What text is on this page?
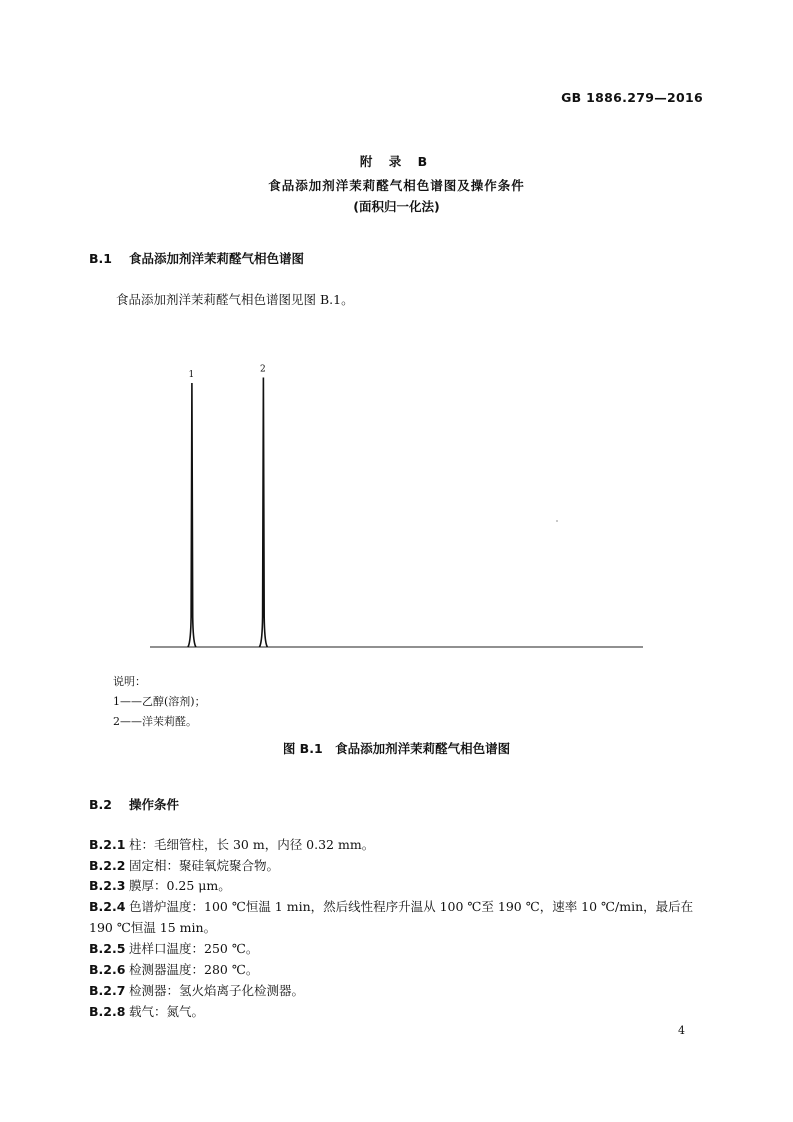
GB 1886.279—2016
附 录 B
食品添加剂洋茉莉醛气相色谱图及操作条件
(面积归一化法)
B.1 食品添加剂洋茉莉醛气相色谱图
食品添加剂洋茉莉醛气相色谱图见图 B.1。
1
2
说明：
1——乙醇(溶剂)；
2——洋茉莉醛。
图 B.1　食品添加剂洋茉莉醛气相色谱图
B.2 操作条件
B.2.1 柱：毛细管柱，长 30 m，内径 0.32 mm。
B.2.2 固定相：聚硅氧烷聚合物。
B.2.3 膜厚：0.25 μm。
B.2.4 色谱炉温度：100 ℃恒温 1 min，然后线性程序升温从 100 ℃至 190 ℃，速率 10 ℃/min，最后在
190 ℃恒温 15 min。
B.2.5 进样口温度：250 ℃。
B.2.6 检测器温度：280 ℃。
B.2.7 检测器：氢火焰离子化检测器。
B.2.8 载气：氮气。
4
